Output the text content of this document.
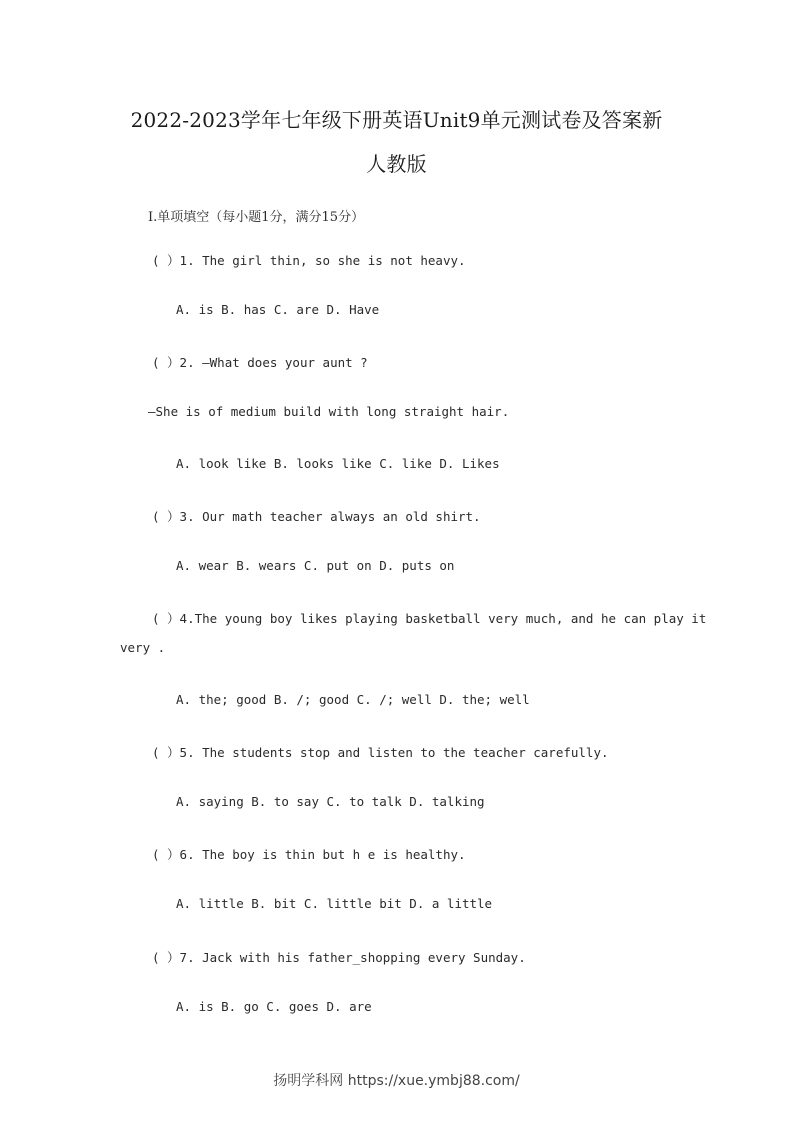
2022-2023学年七年级下册英语Unit9单元测试卷及答案新
人教版
I.单项填空（每小题1分，满分15分）
( ）1. The girl thin, so she is not heavy.
A. is B. has C. are D. Have
( ）2. —What does your aunt ?
—She is of medium build with long straight hair.
A. look like B. looks like C. like D. Likes
( ）3. Our math teacher always an old shirt.
A. wear B. wears C. put on D. puts on
( ）4.The young boy likes playing basketball very much, and he can play it
very .
A. the; good B. /; good C. /; well D. the; well
( ）5. The students stop and listen to the teacher carefully.
A. saying B. to say C. to talk D. talking
( ）6. The boy is thin but h e is healthy.
A. little B. bit C. little bit D. a little
( ）7. Jack with his father_shopping every Sunday.
A. is B. go C. goes D. are
扬明学科网 https://xue.ymbj88.com/
